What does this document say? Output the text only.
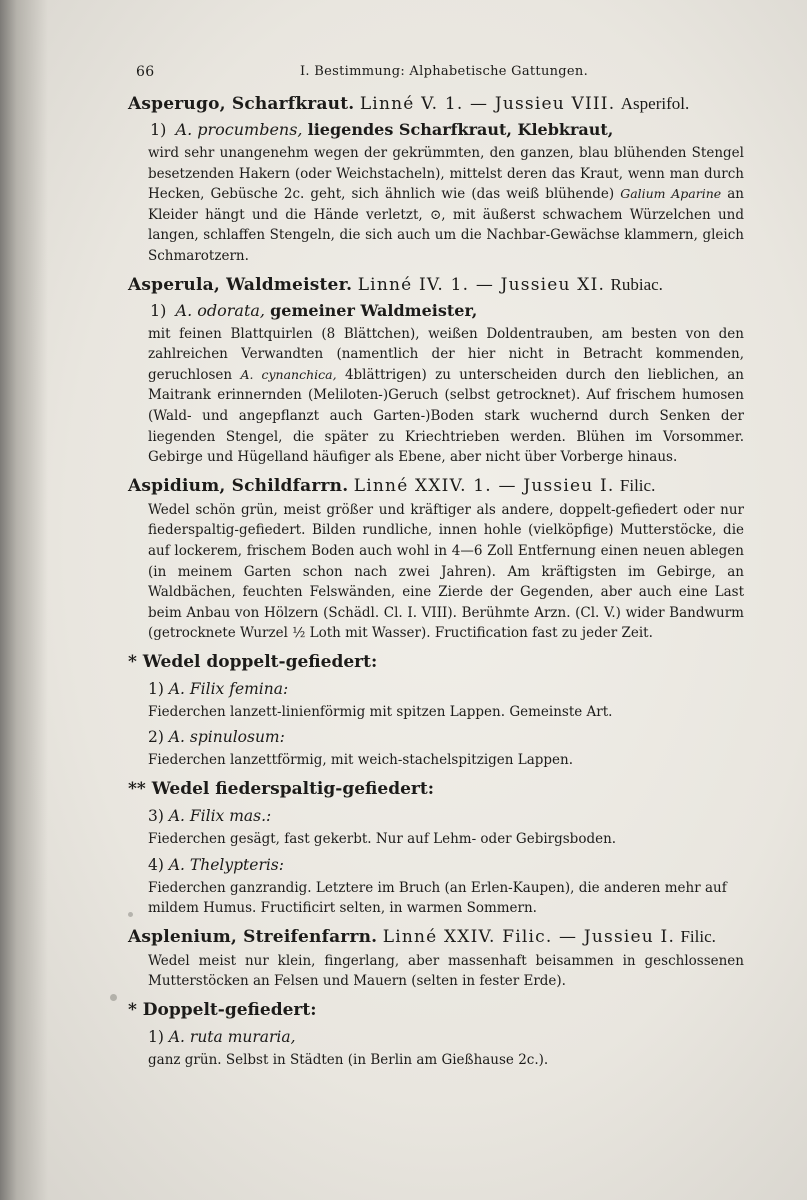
66	I. Bestimmung: Alphabetische Gattungen.
Asperugo, Scharfkraut. Linné V. 1. — Jussieu VIII. Asperifol.
1) A. procumbens, liegendes Scharfkraut, Klebkraut,
wird sehr unangenehm wegen der gekrümmten, den ganzen, blau blühenden Stengel besetzenden Hakern (oder Weichstacheln), mittelst deren das Kraut, wenn man durch Hecken, Gebüsche 2c. geht, sich ähnlich wie (das weiß blühende) Galium Aparine an Kleider hängt und die Hände verletzt, ⊙, mit äußerst schwachem Würzelchen und langen, schlaffen Stengeln, die sich auch um die Nachbar-Gewächse klammern, gleich Schmarotzern.
Asperula, Waldmeister. Linné IV. 1. — Jussieu XI. Rubiac.
1) A. odorata, gemeiner Waldmeister,
mit feinen Blattquirlen (8 Blättchen), weißen Doldentrauben, am besten von den zahlreichen Verwandten (namentlich der hier nicht in Betracht kommenden, geruchlosen A. cynanchica, 4blättrigen) zu unterscheiden durch den lieblichen, an Maitrank erinnernden (Meliloten-)Geruch (selbst getrocknet). Auf frischem humosen (Wald- und angepflanzt auch Garten-)Boden stark wuchernd durch Senken der liegenden Stengel, die später zu Kriechtrieben werden. Blühen im Vorsommer. Gebirge und Hügelland häufiger als Ebene, aber nicht über Vorberge hinaus.
Aspidium, Schildfarrn. Linné XXIV. 1. — Jussieu I. Filic.
Wedel schön grün, meist größer und kräftiger als andere, doppelt-gefiedert oder nur fiederspaltig-gefiedert. Bilden rundliche, innen hohle (vielköpfige) Mutterstöcke, die auf lockerem, frischem Boden auch wohl in 4—6 Zoll Entfernung einen neuen ablegen (in meinem Garten schon nach zwei Jahren). Am kräftigsten im Gebirge, an Waldbächen, feuchten Felswänden, eine Zierde der Gegenden, aber auch eine Last beim Anbau von Hölzern (Schädl. Cl. I. VIII). Berühmte Arzn. (Cl. V.) wider Bandwurm (getrocknete Wurzel ½ Loth mit Wasser). Fructification fast zu jeder Zeit.
* Wedel doppelt-gefiedert:
1) A. Filix femina:
Fiederchen lanzett-linienförmig mit spitzen Lappen. Gemeinste Art.
2) A. spinulosum:
Fiederchen lanzettförmig, mit weich-stachelspitzigen Lappen.
** Wedel fiederspaltig-gefiedert:
3) A. Filix mas.:
Fiederchen gesägt, fast gekerbt. Nur auf Lehm- oder Gebirgsboden.
4) A. Thelypteris:
Fiederchen ganzrandig. Letztere im Bruch (an Erlen-Kaupen), die anderen mehr auf mildem Humus. Fructificirt selten, in warmen Sommern.
Asplenium, Streifenfarrn. Linné XXIV. Filic. — Jussieu I. Filic.
Wedel meist nur klein, fingerlang, aber massenhaft beisammen in geschlossenen Mutterstöcken an Felsen und Mauern (selten in fester Erde).
* Doppelt-gefiedert:
1) A. ruta muraria,
ganz grün. Selbst in Städten (in Berlin am Gießhause 2c.).
